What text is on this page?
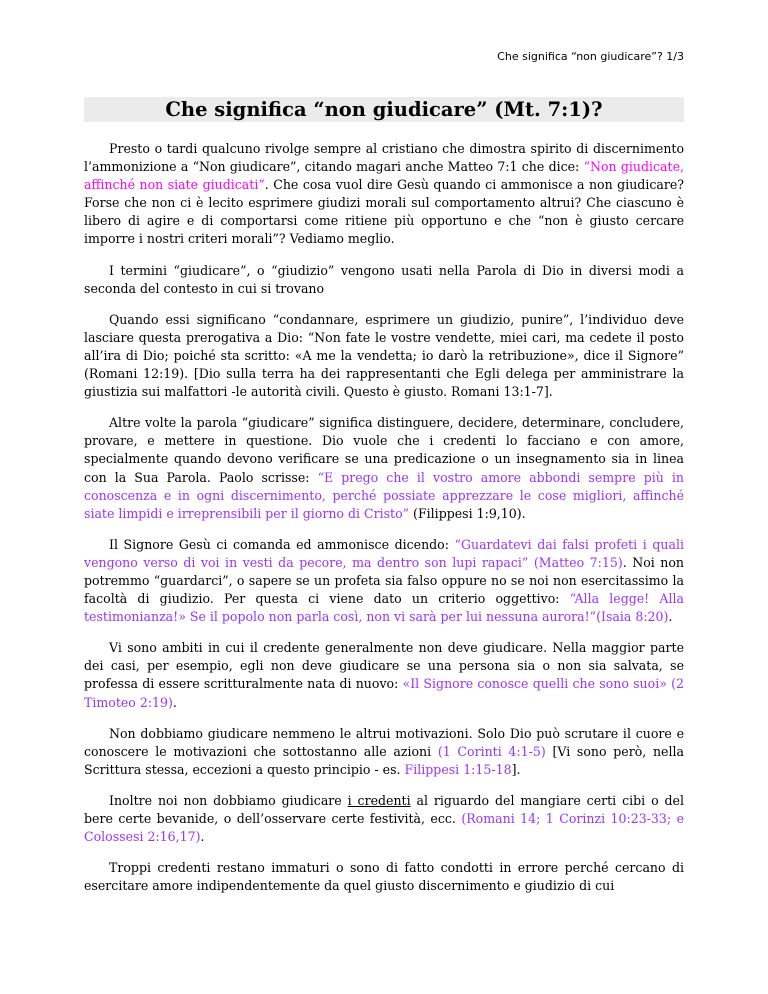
Che significa “non giudicare”? 1/3
Che significa “non giudicare” (Mt. 7:1)?

Presto o tardi qualcuno rivolge sempre al cristiano che dimostra spirito di discernimento l’ammonizione a “Non giudicare”, citando magari anche Matteo 7:1 che dice: “Non giudicate, affinché non siate giudicati”. Che cosa vuol dire Gesù quando ci ammonisce a non giudicare? Forse che non ci è lecito esprimere giudizi morali sul comportamento altrui? Che ciascuno è libero di agire e di comportarsi come ritiene più opportuno e che “non è giusto cercare imporre i nostri criteri morali”? Vediamo meglio.

I termini “giudicare”, o “giudizio” vengono usati nella Parola di Dio in diversi modi a seconda del contesto in cui si trovano

Quando essi significano “condannare, esprimere un giudizio, punire”, l’individuo deve lasciare questa prerogativa a Dio: “Non fate le vostre vendette, miei cari, ma cedete il posto all’ira di Dio; poiché sta scritto: «A me la vendetta; io darò la retribuzione», dice il Signore” (Romani 12:19). [Dio sulla terra ha dei rappresentanti che Egli delega per amministrare la giustizia sui malfattori -le autorità civili. Questo è giusto. Romani 13:1-7].

Altre volte la parola “giudicare” significa distinguere, decidere, determinare, concludere, provare, e mettere in questione. Dio vuole che i credenti lo facciano e con amore, specialmente quando devono verificare se una predicazione o un insegnamento sia in linea con la Sua Parola. Paolo scrisse: “E prego che il vostro amore abbondi sempre più in conoscenza e in ogni discernimento, perché possiate apprezzare le cose migliori, affinché siate limpidi e irreprensibili per il giorno di Cristo” (Filippesi 1:9,10).

Il Signore Gesù ci comanda ed ammonisce dicendo: “Guardatevi dai falsi profeti i quali vengono verso di voi in vesti da pecore, ma dentro son lupi rapaci” (Matteo 7:15). Noi non potremmo “guardarci”, o sapere se un profeta sia falso oppure no se noi non esercitassimo la facoltà di giudizio. Per questa ci viene dato un criterio oggettivo: “Alla legge! Alla testimonianza!» Se il popolo non parla così, non vi sarà per lui nessuna aurora!”(Isaia 8:20).

Vi sono ambiti in cui il credente generalmente non deve giudicare. Nella maggior parte dei casi, per esempio, egli non deve giudicare se una persona sia o non sia salvata, se professa di essere scritturalmente nata di nuovo: «Il Signore conosce quelli che sono suoi» (2 Timoteo 2:19).

Non dobbiamo giudicare nemmeno le altrui motivazioni. Solo Dio può scrutare il cuore e conoscere le motivazioni che sottostanno alle azioni (1 Corinti 4:1-5) [Vi sono però, nella Scrittura stessa, eccezioni a questo principio - es. Filippesi 1:15-18].

Inoltre noi non dobbiamo giudicare i credenti al riguardo del mangiare certi cibi o del bere certe bevanide, o dell’osservare certe festività, ecc. (Romani 14; 1 Corinzi 10:23-33; e Colossesi 2:16,17).

Troppi credenti restano immaturi o sono di fatto condotti in errore perché cercano di esercitare amore indipendentemente da quel giusto discernimento e giudizio di cui
